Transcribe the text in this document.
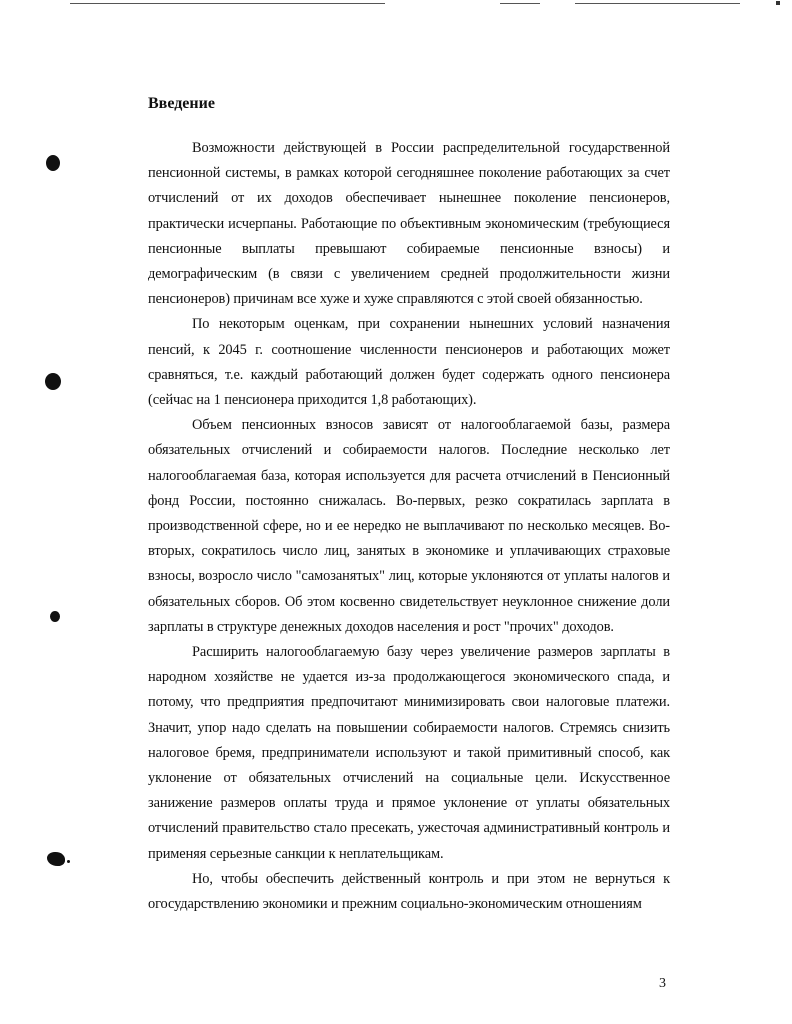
Введение

Возможности действующей в России распределительной государственной пенсионной системы, в рамках которой сегодняшнее поколение работающих за счет отчислений от их доходов обеспечивает нынешнее поколение пенсионеров, практически исчерпаны. Работающие по объективным экономическим (требующиеся пенсионные выплаты превышают собираемые пенсионные взносы) и демографическим (в связи с увеличением средней продолжительности жизни пенсионеров) причинам все хуже и хуже справляются с этой своей обязанностью.

По некоторым оценкам, при сохранении нынешних условий назначения пенсий, к 2045 г. соотношение численности пенсионеров и работающих может сравняться, т.е. каждый работающий должен будет содержать одного пенсионера (сейчас на 1 пенсионера приходится 1,8 работающих).

Объем пенсионных взносов зависят от налогооблагаемой базы, размера обязательных отчислений и собираемости налогов. Последние несколько лет налогооблагаемая база, которая используется для расчета отчислений в Пенсионный фонд России, постоянно снижалась. Во-первых, резко сократилась зарплата в производственной сфере, но и ее нередко не выплачивают по несколько месяцев. Во-вторых, сократилось число лиц, занятых в экономике и уплачивающих страховые взносы, возросло число "самозанятых" лиц, которые уклоняются от уплаты налогов и обязательных сборов. Об этом косвенно свидетельствует неуклонное снижение доли зарплаты в структуре денежных доходов населения и рост "прочих" доходов.

Расширить налогооблагаемую базу через увеличение размеров зарплаты в народном хозяйстве не удается из-за продолжающегося экономического спада, и потому, что предприятия предпочитают минимизировать свои налоговые платежи. Значит, упор надо сделать на повышении собираемости налогов. Стремясь снизить налоговое бремя, предприниматели используют и такой примитивный способ, как уклонение от обязательных отчислений на социальные цели. Искусственное занижение размеров оплаты труда и прямое уклонение от уплаты обязательных отчислений правительство стало пресекать, ужесточая административный контроль и применяя серьезные санкции к неплательщикам.

Но, чтобы обеспечить действенный контроль и при этом не вернуться к огосударствлению экономики и прежним социально-экономическим отношениям

3
